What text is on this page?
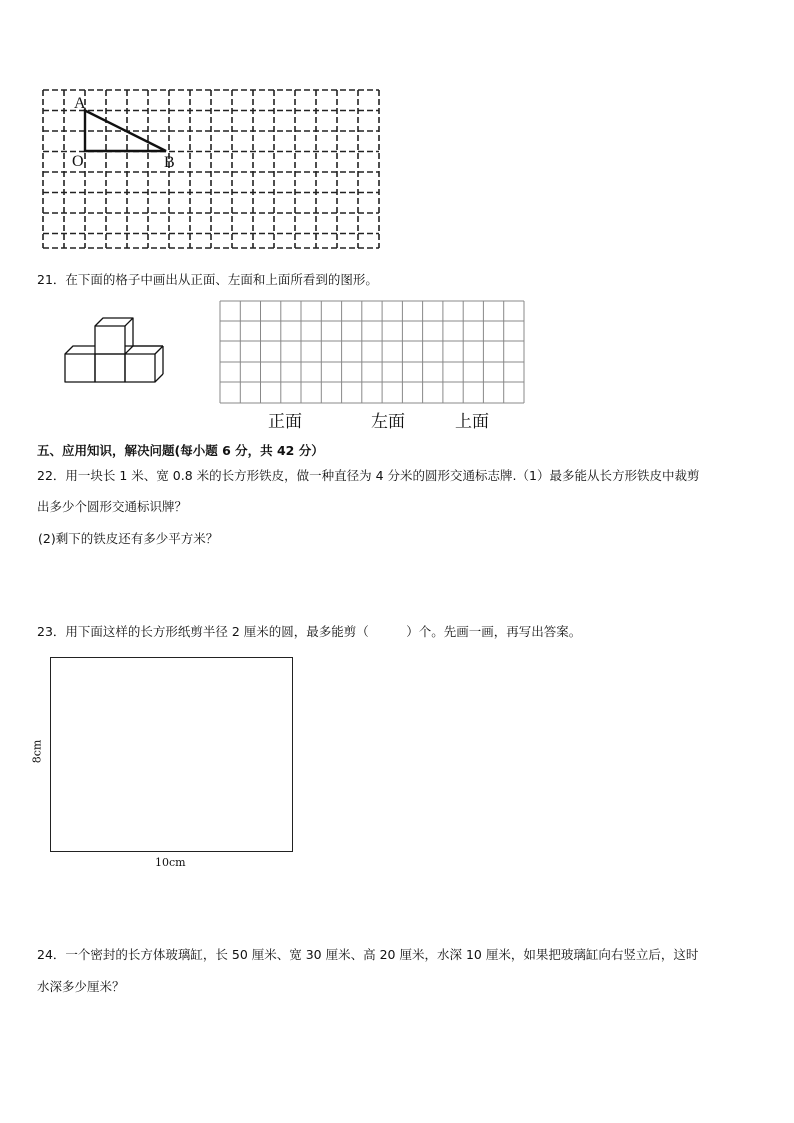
A
O	B
21．在下面的格子中画出从正面、左面和上面所看到的图形。
正面	左面	上面
五、应用知识，解决问题(每小题 6 分，共 42 分）
22．用一块长 1 米、宽 0.8 米的长方形铁皮，做一种直径为 4 分米的圆形交通标志牌.（1）最多能从长方形铁皮中裁剪
出多少个圆形交通标识牌？
(2)剩下的铁皮还有多少平方米？
23．用下面这样的长方形纸剪半径 2 厘米的圆，最多能剪（　　　）个。先画一画，再写出答案。
8cm
10cm
24．一个密封的长方体玻璃缸，长 50 厘米、宽 30 厘米、高 20 厘米，水深 10 厘米，如果把玻璃缸向右竖立后，这时
水深多少厘米？
